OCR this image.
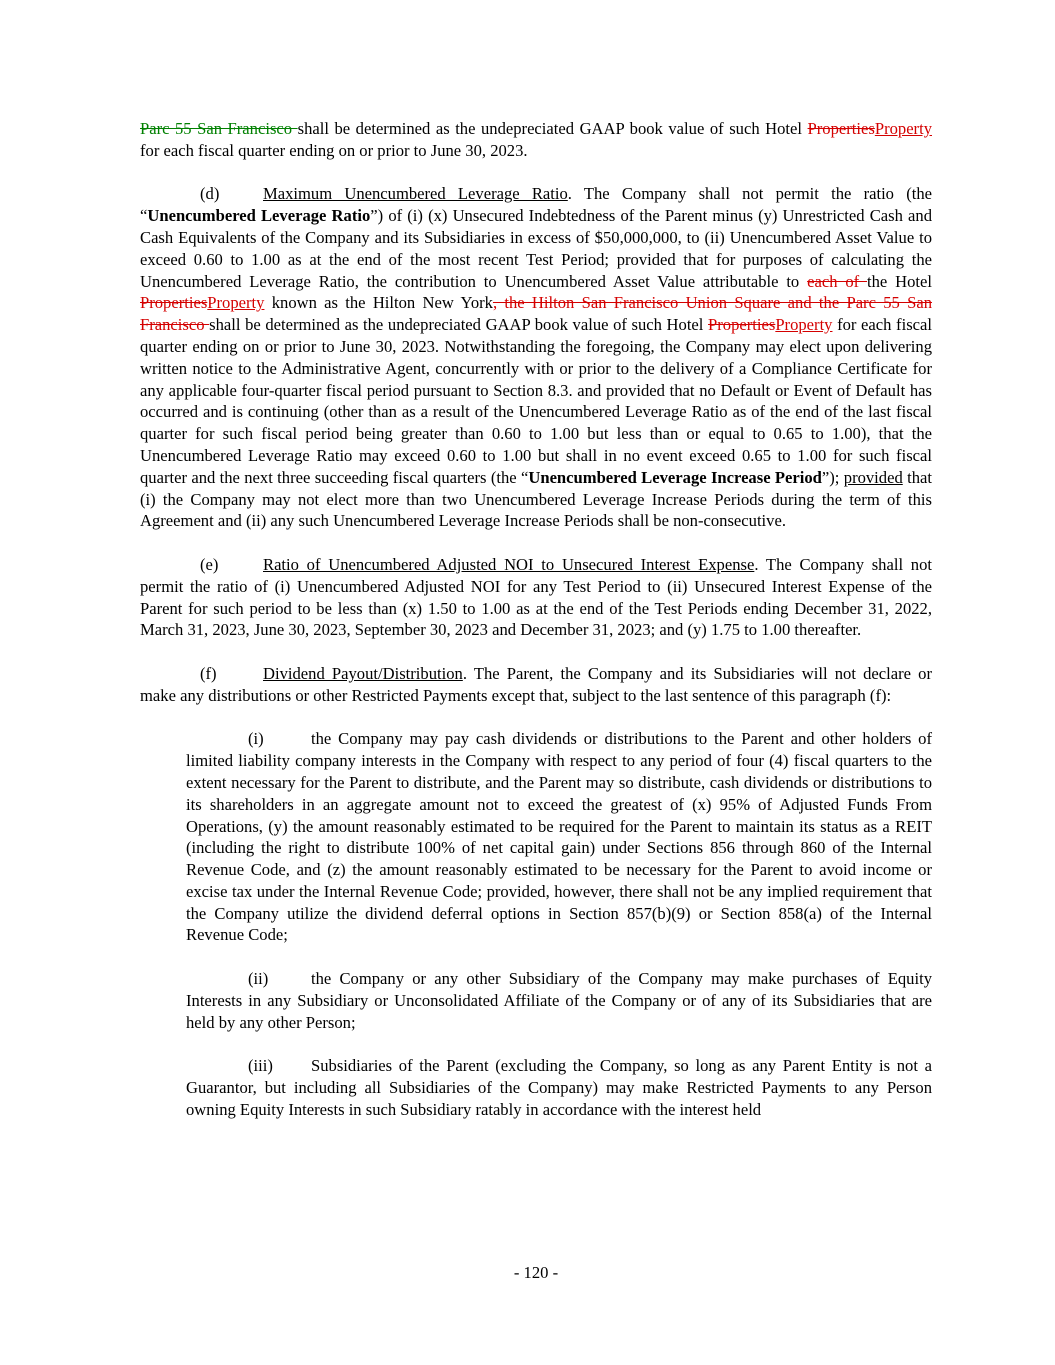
Parc 55 San Francisco shall be determined as the undepreciated GAAP book value of such Hotel PropertiesProperty for each fiscal quarter ending on or prior to June 30, 2023.

(d)	Maximum Unencumbered Leverage Ratio. The Company shall not permit the ratio (the “Unencumbered Leverage Ratio”) of (i) (x) Unsecured Indebtedness of the Parent minus (y) Unrestricted Cash and Cash Equivalents of the Company and its Subsidiaries in excess of $50,000,000, to (ii) Unencumbered Asset Value to exceed 0.60 to 1.00 as at the end of the most recent Test Period; provided that for purposes of calculating the Unencumbered Leverage Ratio, the contribution to Unencumbered Asset Value attributable to each of the Hotel PropertiesProperty known as the Hilton New York, the Hilton San Francisco Union Square and the Parc 55 San Francisco shall be determined as the undepreciated GAAP book value of such Hotel PropertiesProperty for each fiscal quarter ending on or prior to June 30, 2023. Notwithstanding the foregoing, the Company may elect upon delivering written notice to the Administrative Agent, concurrently with or prior to the delivery of a Compliance Certificate for any applicable four-quarter fiscal period pursuant to Section 8.3. and provided that no Default or Event of Default has occurred and is continuing (other than as a result of the Unencumbered Leverage Ratio as of the end of the last fiscal quarter for such fiscal period being greater than 0.60 to 1.00 but less than or equal to 0.65 to 1.00), that the Unencumbered Leverage Ratio may exceed 0.60 to 1.00 but shall in no event exceed 0.65 to 1.00 for such fiscal quarter and the next three succeeding fiscal quarters (the “Unencumbered Leverage Increase Period”); provided that (i) the Company may not elect more than two Unencumbered Leverage Increase Periods during the term of this Agreement and (ii) any such Unencumbered Leverage Increase Periods shall be non-consecutive.

(e)	Ratio of Unencumbered Adjusted NOI to Unsecured Interest Expense. The Company shall not permit the ratio of (i) Unencumbered Adjusted NOI for any Test Period to (ii) Unsecured Interest Expense of the Parent for such period to be less than (x) 1.50 to 1.00 as at the end of the Test Periods ending December 31, 2022, March 31, 2023, June 30, 2023, September 30, 2023 and December 31, 2023; and (y) 1.75 to 1.00 thereafter.

(f)	Dividend Payout/Distribution. The Parent, the Company and its Subsidiaries will not declare or make any distributions or other Restricted Payments except that, subject to the last sentence of this paragraph (f):

(i)	the Company may pay cash dividends or distributions to the Parent and other holders of limited liability company interests in the Company with respect to any period of four (4) fiscal quarters to the extent necessary for the Parent to distribute, and the Parent may so distribute, cash dividends or distributions to its shareholders in an aggregate amount not to exceed the greatest of (x) 95% of Adjusted Funds From Operations, (y) the amount reasonably estimated to be required for the Parent to maintain its status as a REIT (including the right to distribute 100% of net capital gain) under Sections 856 through 860 of the Internal Revenue Code, and (z) the amount reasonably estimated to be necessary for the Parent to avoid income or excise tax under the Internal Revenue Code; provided, however, there shall not be any implied requirement that the Company utilize the dividend deferral options in Section 857(b)(9) or Section 858(a) of the Internal Revenue Code;

(ii)	the Company or any other Subsidiary of the Company may make purchases of Equity Interests in any Subsidiary or Unconsolidated Affiliate of the Company or of any of its Subsidiaries that are held by any other Person;

(iii) Subsidiaries of the Parent (excluding the Company, so long as any Parent Entity is not a Guarantor, but including all Subsidiaries of the Company) may make Restricted Payments to any Person owning Equity Interests in such Subsidiary ratably in accordance with the interest held

- 120 -
